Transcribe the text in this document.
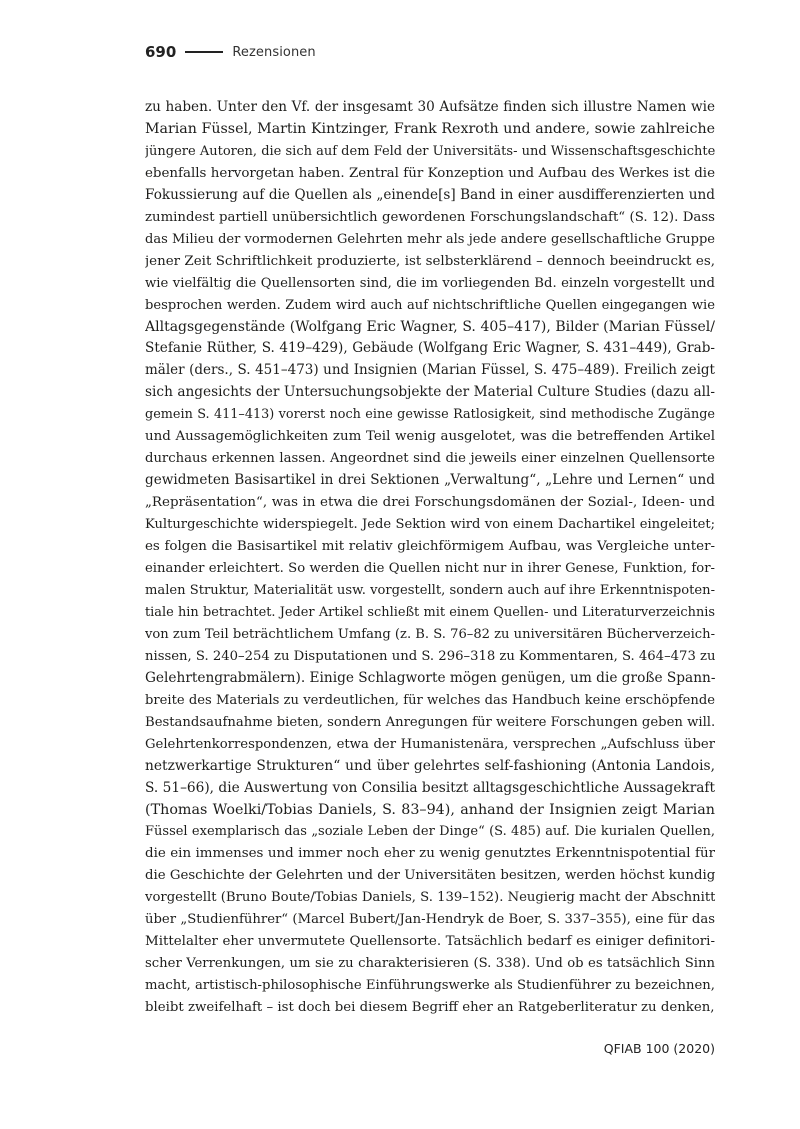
690	Rezensionen
zu haben. Unter den Vf. der insgesamt 30 Aufsätze finden sich illustre Namen wie
Marian Füssel, Martin Kintzinger, Frank Rexroth und andere, sowie zahlreiche
jüngere Autoren, die sich auf dem Feld der Universitäts- und Wissenschaftsgeschichte
ebenfalls hervorgetan haben. Zentral für Konzeption und Aufbau des Werkes ist die
Fokussierung auf die Quellen als „einende[s] Band in einer ausdifferenzierten und
zumindest partiell unübersichtlich gewordenen Forschungslandschaft“ (S. 12). Dass
das Milieu der vormodernen Gelehrten mehr als jede andere gesellschaftliche Gruppe
jener Zeit Schriftlichkeit produzierte, ist selbsterklärend – dennoch beeindruckt es,
wie vielfältig die Quellensorten sind, die im vorliegenden Bd. einzeln vorgestellt und
besprochen werden. Zudem wird auch auf nichtschriftliche Quellen eingegangen wie
Alltagsgegenstände (Wolfgang Eric Wagner, S. 405–417), Bilder (Marian Füssel/
Stefanie Rüther, S. 419–429), Gebäude (Wolfgang Eric Wagner, S. 431–449), Grab-
mäler (ders., S. 451–473) und Insignien (Marian Füssel, S. 475–489). Freilich zeigt
sich angesichts der Untersuchungsobjekte der Material Culture Studies (dazu all-
gemein S. 411–413) vorerst noch eine gewisse Ratlosigkeit, sind methodische Zugänge
und Aussagemöglichkeiten zum Teil wenig ausgelotet, was die betreffenden Artikel
durchaus erkennen lassen. Angeordnet sind die jeweils einer einzelnen Quellensorte
gewidmeten Basisartikel in drei Sektionen „Verwaltung“, „Lehre und Lernen“ und
„Repräsentation“, was in etwa die drei Forschungsdomänen der Sozial-, Ideen- und
Kulturgeschichte widerspiegelt. Jede Sektion wird von einem Dachartikel eingeleitet;
es folgen die Basisartikel mit relativ gleichförmigem Aufbau, was Vergleiche unter-
einander erleichtert. So werden die Quellen nicht nur in ihrer Genese, Funktion, for-
malen Struktur, Materialität usw. vorgestellt, sondern auch auf ihre Erkenntnispoten-
tiale hin betrachtet. Jeder Artikel schließt mit einem Quellen- und Literaturverzeichnis
von zum Teil beträchtlichem Umfang (z. B. S. 76–82 zu universitären Bücherverzeich-
nissen, S. 240–254 zu Disputationen und S. 296–318 zu Kommentaren, S. 464–473 zu
Gelehrtengrabmälern). Einige Schlagworte mögen genügen, um die große Spann-
breite des Materials zu verdeutlichen, für welches das Handbuch keine erschöpfende
Bestandsaufnahme bieten, sondern Anregungen für weitere Forschungen geben will.
Gelehrtenkorrespondenzen, etwa der Humanistenära, versprechen „Aufschluss über
netzwerkartige Strukturen“ und über gelehrtes self-fashioning (Antonia Landois,
S. 51–66), die Auswertung von Consilia besitzt alltagsgeschichtliche Aussagekraft
(Thomas Woelki/Tobias Daniels, S. 83–94), anhand der Insignien zeigt Marian
Füssel exemplarisch das „soziale Leben der Dinge“ (S. 485) auf. Die kurialen Quellen,
die ein immenses und immer noch eher zu wenig genutztes Erkenntnispotential für
die Geschichte der Gelehrten und der Universitäten besitzen, werden höchst kundig
vorgestellt (Bruno Boute/Tobias Daniels, S. 139–152). Neugierig macht der Abschnitt
über „Studienführer“ (Marcel Bubert/Jan-Hendryk de Boer, S. 337–355), eine für das
Mittelalter eher unvermutete Quellensorte. Tatsächlich bedarf es einiger definitori-
scher Verrenkungen, um sie zu charakterisieren (S. 338). Und ob es tatsächlich Sinn
macht, artistisch-philosophische Einführungswerke als Studienführer zu bezeichnen,
bleibt zweifelhaft – ist doch bei diesem Begriff eher an Ratgeberliteratur zu denken,
QFIAB 100 (2020)
